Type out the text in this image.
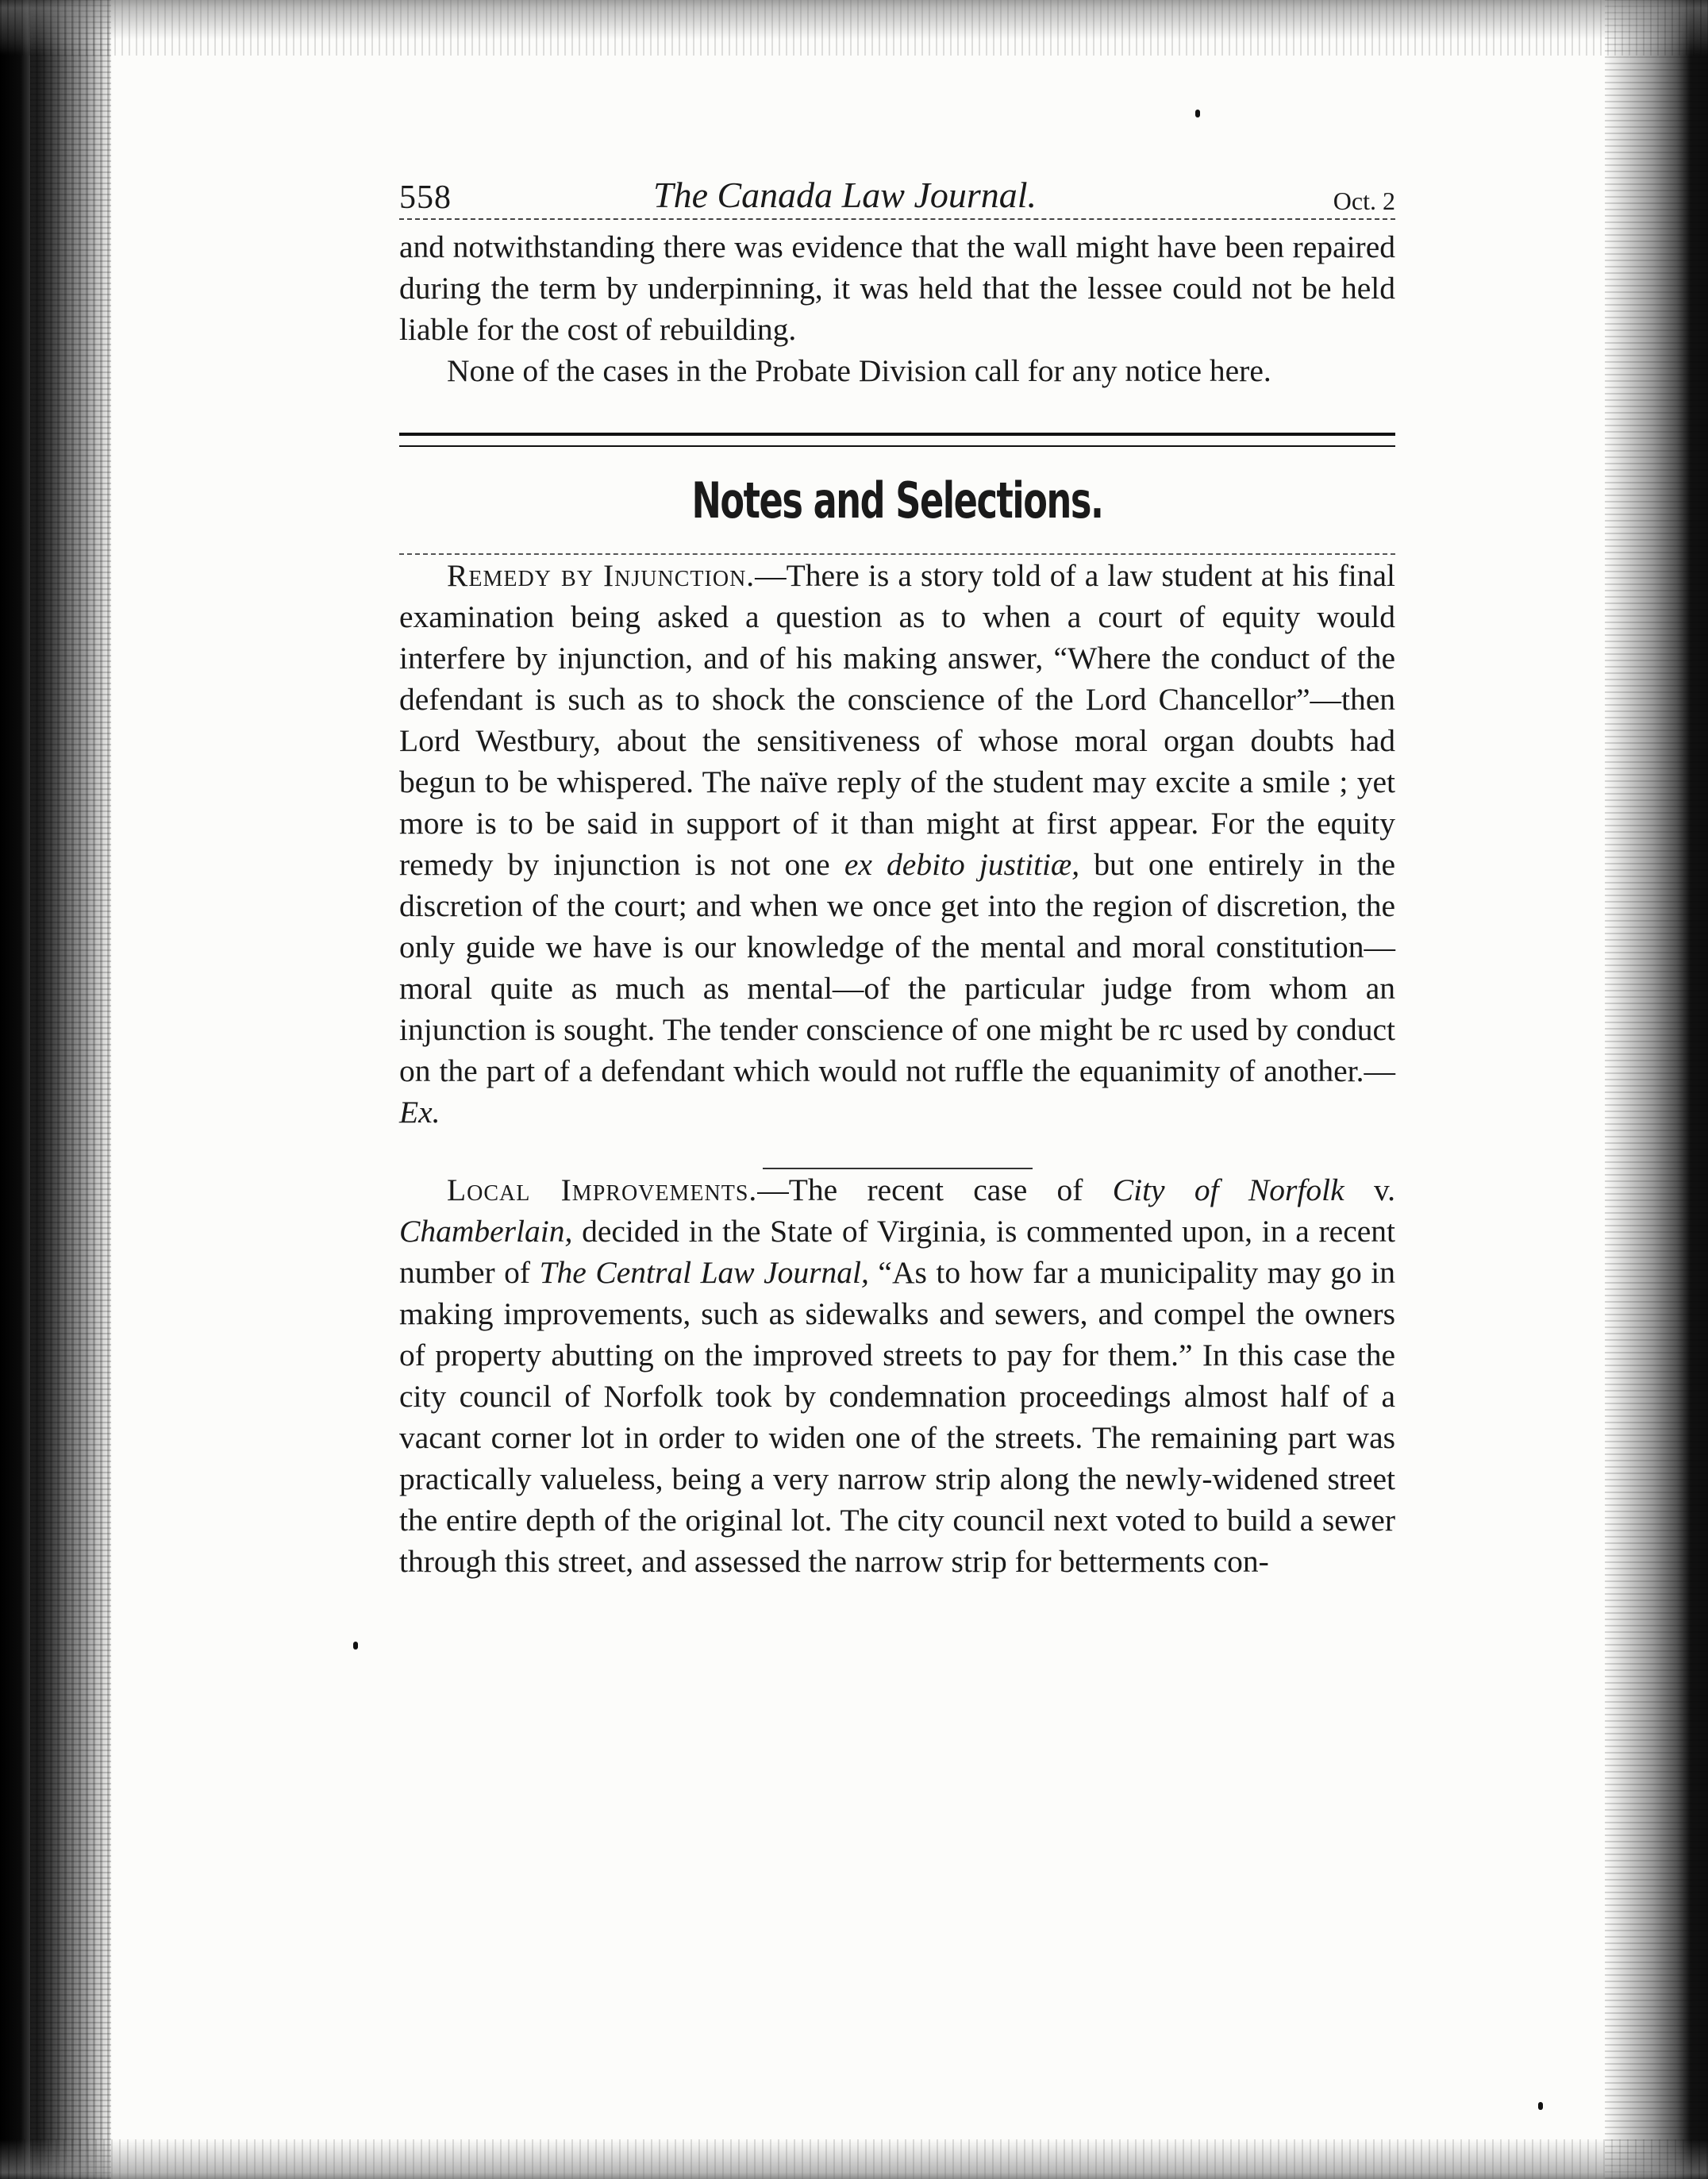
558	The Canada Law Journal.	Oct. 2

and notwithstanding there was evidence that the wall might have been repaired during the term by underpinning, it was held that the lessee could not be held liable for the cost of rebuilding.

None of the cases in the Probate Division call for any notice here.

Notes and Selections.

Remedy by Injunction.—There is a story told of a law student at his final examination being asked a question as to when a court of equity would interfere by injunction, and of his making answer, “Where the conduct of the defendant is such as to shock the conscience of the Lord Chancellor”—then Lord Westbury, about the sensitiveness of whose moral organ doubts had begun to be whispered. The naïve reply of the student may excite a smile ; yet more is to be said in support of it than might at first appear. For the equity remedy by injunction is not one ex debito justitiæ, but one entirely in the discretion of the court; and when we once get into the region of discretion, the only guide we have is our knowledge of the mental and moral constitution—moral quite as much as mental—of the particular judge from whom an injunction is sought. The tender conscience of one might be rc used by conduct on the part of a defendant which would not ruffle the equanimity of another.—Ex.

Local Improvements.—The recent case of City of Norfolk v. Chamberlain, decided in the State of Virginia, is commented upon, in a recent number of The Central Law Journal, “As to how far a municipality may go in making improvements, such as sidewalks and sewers, and compel the owners of property abutting on the improved streets to pay for them.” In this case the city council of Norfolk took by condemnation proceedings almost half of a vacant corner lot in order to widen one of the streets. The remaining part was practically valueless, being a very narrow strip along the newly-widened street the entire depth of the original lot. The city council next voted to build a sewer through this street, and assessed the narrow strip for betterments con-
